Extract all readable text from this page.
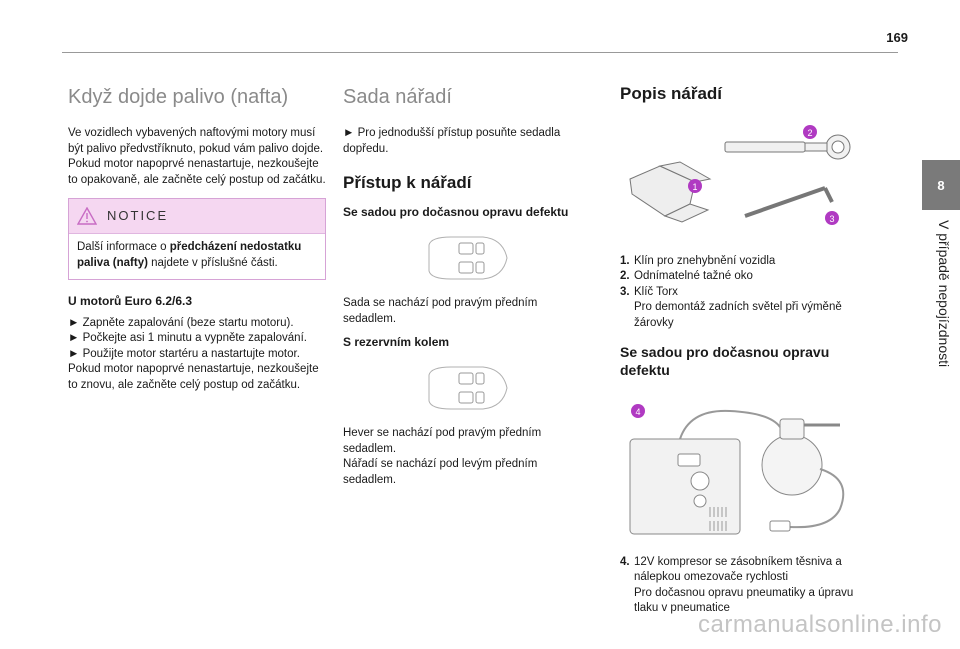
169
8
V případě nepojízdnosti
Když dojde palivo (nafta)

Ve vozidlech vybavených naftovými motory musí být palivo předvstříknuto, pokud vám palivo dojde.

Pokud motor napoprvé nenastartuje, nezkoušejte to opakovaně, ale začněte celý postup od začátku.

NOTICE
Další informace o předcházení nedostatku paliva (nafty) najdete v příslušné části.
U motorů Euro 6.2/6.3

► Zapněte zapalování (beze startu motoru).

► Počkejte asi 1 minutu a vypněte zapalování.

► Použijte motor startéru a nastartujte motor.

Pokud motor napoprvé nenastartuje, nezkoušejte to znovu, ale začněte celý postup od začátku.

Sada nářadí

► Pro jednodušší přístup posuňte sedadla dopředu.

Přístup k nářadí
Se sadou pro dočasnou opravu defektu

Sada se nachází pod pravým předním sedadlem.

S rezervním kolem

Hever se nachází pod pravým předním sedadlem.

Nářadí se nachází pod levým předním sedadlem.

Popis nářadí
1
2
3
1. Klín pro znehybnění vozidla
2. Odnímatelné tažné oko
3. Klíč Torx
Pro demontáž zadních světel při výměně žárovky
Se sadou pro dočasnou opravu defektu
4
4. 12V kompresor se zásobníkem těsniva a nálepkou omezovače rychlosti
Pro dočasnou opravu pneumatiky a úpravu tlaku v pneumatice
carmanualsonline.info
